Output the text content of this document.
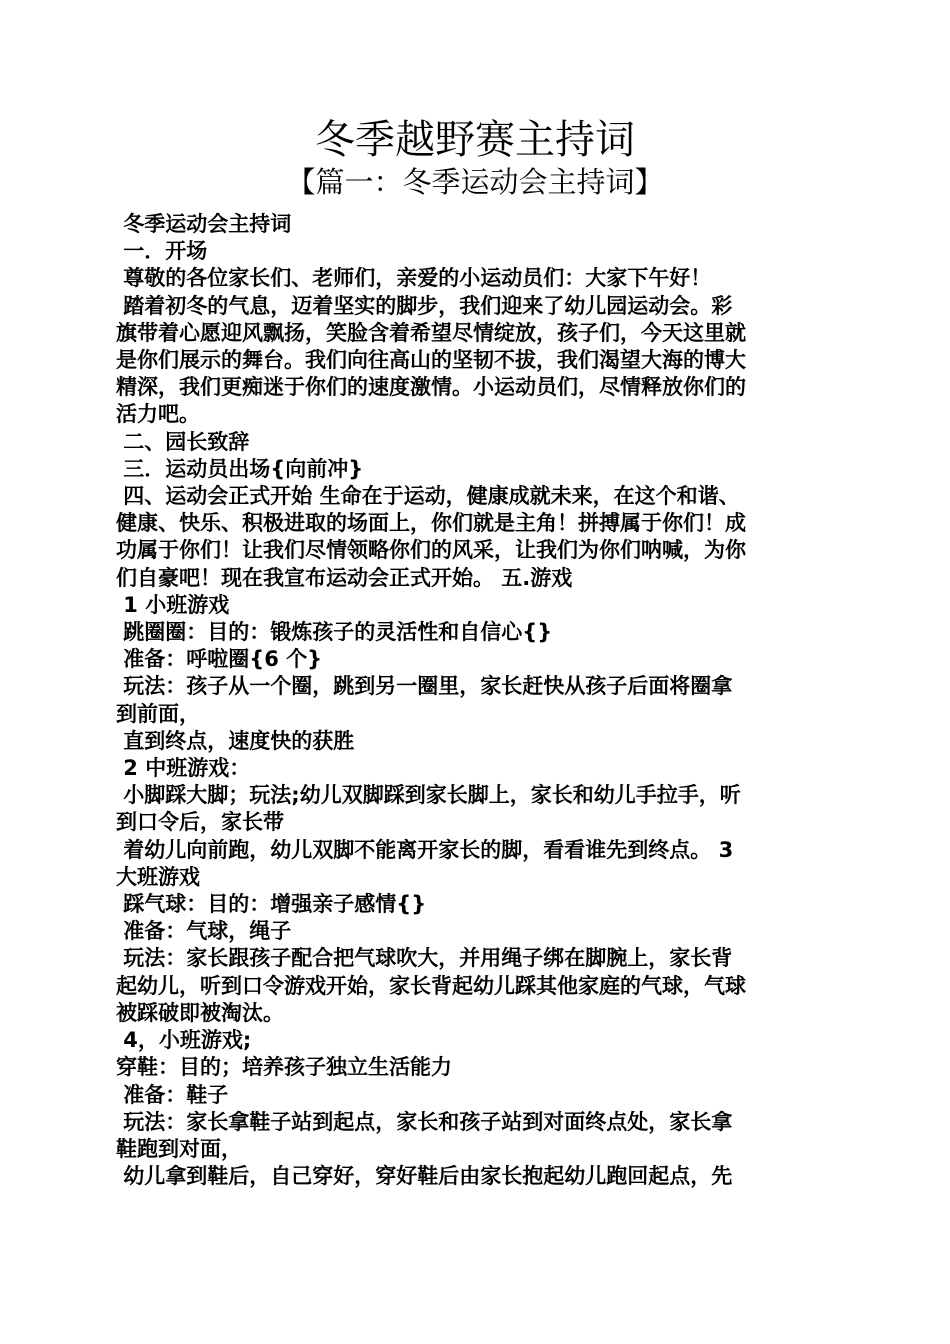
冬季越野赛主持词
【篇一：冬季运动会主持词】

冬季运动会主持词

一．开场

尊敬的各位家长们、老师们，亲爱的小运动员们：大家下午好！

踏着初冬的气息，迈着坚实的脚步，我们迎来了幼儿园运动会。彩

旗带着心愿迎风飘扬，笑脸含着希望尽情绽放，孩子们，今天这里就

是你们展示的舞台。我们向往高山的坚韧不拔，我们渴望大海的博大

精深，我们更痴迷于你们的速度激情。小运动员们，尽情释放你们的

活力吧。

二、园长致辞

三．运动员出场{向前冲}

四、运动会正式开始 生命在于运动，健康成就未来，在这个和谐、

健康、快乐、积极进取的场面上，你们就是主角！拼搏属于你们！成

功属于你们！让我们尽情领略你们的风采，让我们为你们呐喊，为你

们自豪吧！现在我宣布运动会正式开始。 五.游戏

1 小班游戏

跳圈圈：目的：锻炼孩子的灵活性和自信心{}

准备：呼啦圈{6 个}

玩法：孩子从一个圈，跳到另一圈里，家长赶快从孩子后面将圈拿

到前面，

直到终点，速度快的获胜

2 中班游戏：

小脚踩大脚；玩法;幼儿双脚踩到家长脚上，家长和幼儿手拉手，听

到口令后，家长带

着幼儿向前跑，幼儿双脚不能离开家长的脚，看看谁先到终点。 3

大班游戏

踩气球：目的：增强亲子感情{}

准备：气球，绳子

玩法：家长跟孩子配合把气球吹大，并用绳子绑在脚腕上，家长背

起幼儿，听到口令游戏开始，家长背起幼儿踩其他家庭的气球，气球

被踩破即被淘汰。

4，小班游戏;

穿鞋：目的；培养孩子独立生活能力

准备：鞋子

玩法：家长拿鞋子站到起点，家长和孩子站到对面终点处，家长拿

鞋跑到对面，

幼儿拿到鞋后，自己穿好，穿好鞋后由家长抱起幼儿跑回起点，先
